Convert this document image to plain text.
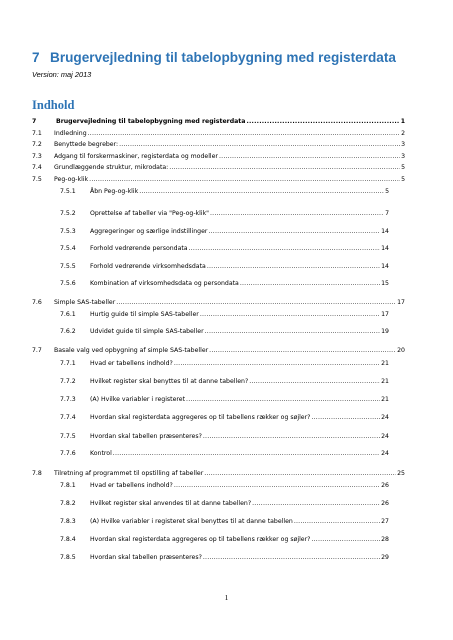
7 Brugervejledning til tabelopbygning med registerdata
Version: maj 2013
Indhold
7	Brugervejledning til tabelopbygning med registerdata .....	1
7.1	Indledning .....	2
7.2	Benyttede begreber: .....	3
7.3	Adgang til forskermaskiner, registerdata og modeller .....	3
7.4	Grundlæggende struktur, mikrodata: .....	5
7.5	Peg-og-klik .....	5
7.5.1	Åbn Peg-og-klik .....	5
7.5.2	Oprettelse af tabeller via "Peg-og-klik" .....	7
7.5.3	Aggregeringer og særlige indstillinger .....	14
7.5.4	Forhold vedrørende persondata .....	14
7.5.5	Forhold vedrørende virksomhedsdata .....	14
7.5.6	Kombination af virksomhedsdata og persondata .....	15
7.6	Simple SAS-tabeller .....	17
7.6.1	Hurtig guide til simple SAS-tabeller .....	17
7.6.2	Udvidet guide til simple SAS-tabeller .....	19
7.7	Basale valg ved opbygning af simple SAS-tabeller .....	20
7.7.1	Hvad er tabellens indhold? .....	21
7.7.2	Hvilket register skal benyttes til at danne tabellen? .....	21
7.7.3	(A) Hvilke variabler i registeret .....	21
7.7.4	Hvordan skal registerdata aggregeres op til tabellens rækker og søjler? .....	24
7.7.5	Hvordan skal tabellen præsenteres? .....	24
7.7.6	Kontrol .....	24
7.8	Tilretning af programmet til opstilling af tabeller .....	25
7.8.1	Hvad er tabellens indhold? .....	26
7.8.2	Hvilket register skal anvendes til at danne tabellen? .....	26
7.8.3	(A) Hvilke variabler i registeret skal benyttes til at danne tabellen .....	27
7.8.4	Hvordan skal registerdata aggregeres op til tabellens rækker og søjler? .....	28
7.8.5	Hvordan skal tabellen præsenteres? .....	29
1
